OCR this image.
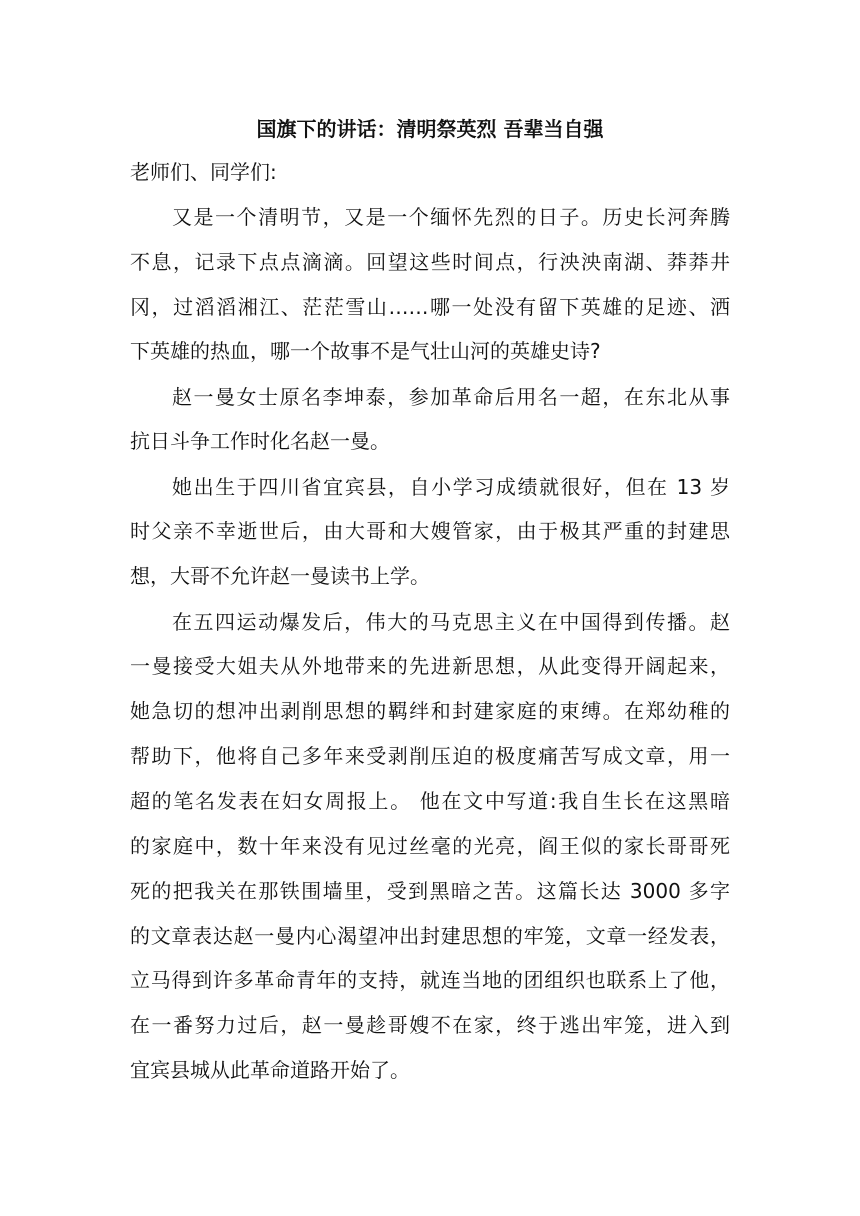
国旗下的讲话：清明祭英烈 吾辈当自强
老师们、同学们:
又是一个清明节，又是一个缅怀先烈的日子。历史长河奔腾
不息，记录下点点滴滴。回望这些时间点，行泱泱南湖、莽莽井
冈，过滔滔湘江、茫茫雪山……哪一处没有留下英雄的足迹、洒
下英雄的热血，哪一个故事不是气壮山河的英雄史诗?
赵一曼女士原名李坤泰，参加革命后用名一超，在东北从事
抗日斗争工作时化名赵一曼。
她出生于四川省宜宾县，自小学习成绩就很好，但在 13 岁
时父亲不幸逝世后，由大哥和大嫂管家，由于极其严重的封建思
想，大哥不允许赵一曼读书上学。
在五四运动爆发后，伟大的马克思主义在中国得到传播。赵
一曼接受大姐夫从外地带来的先进新思想，从此变得开阔起来，
她急切的想冲出剥削思想的羁绊和封建家庭的束缚。在郑幼稚的
帮助下，他将自己多年来受剥削压迫的极度痛苦写成文章，用一
超的笔名发表在妇女周报上。 他在文中写道:我自生长在这黑暗
的家庭中，数十年来没有见过丝毫的光亮，阎王似的家长哥哥死
死的把我关在那铁围墙里，受到黑暗之苦。这篇长达 3000 多字
的文章表达赵一曼内心渴望冲出封建思想的牢笼，文章一经发表，
立马得到许多革命青年的支持，就连当地的团组织也联系上了他，
在一番努力过后，赵一曼趁哥嫂不在家，终于逃出牢笼，进入到
宜宾县城从此革命道路开始了。
